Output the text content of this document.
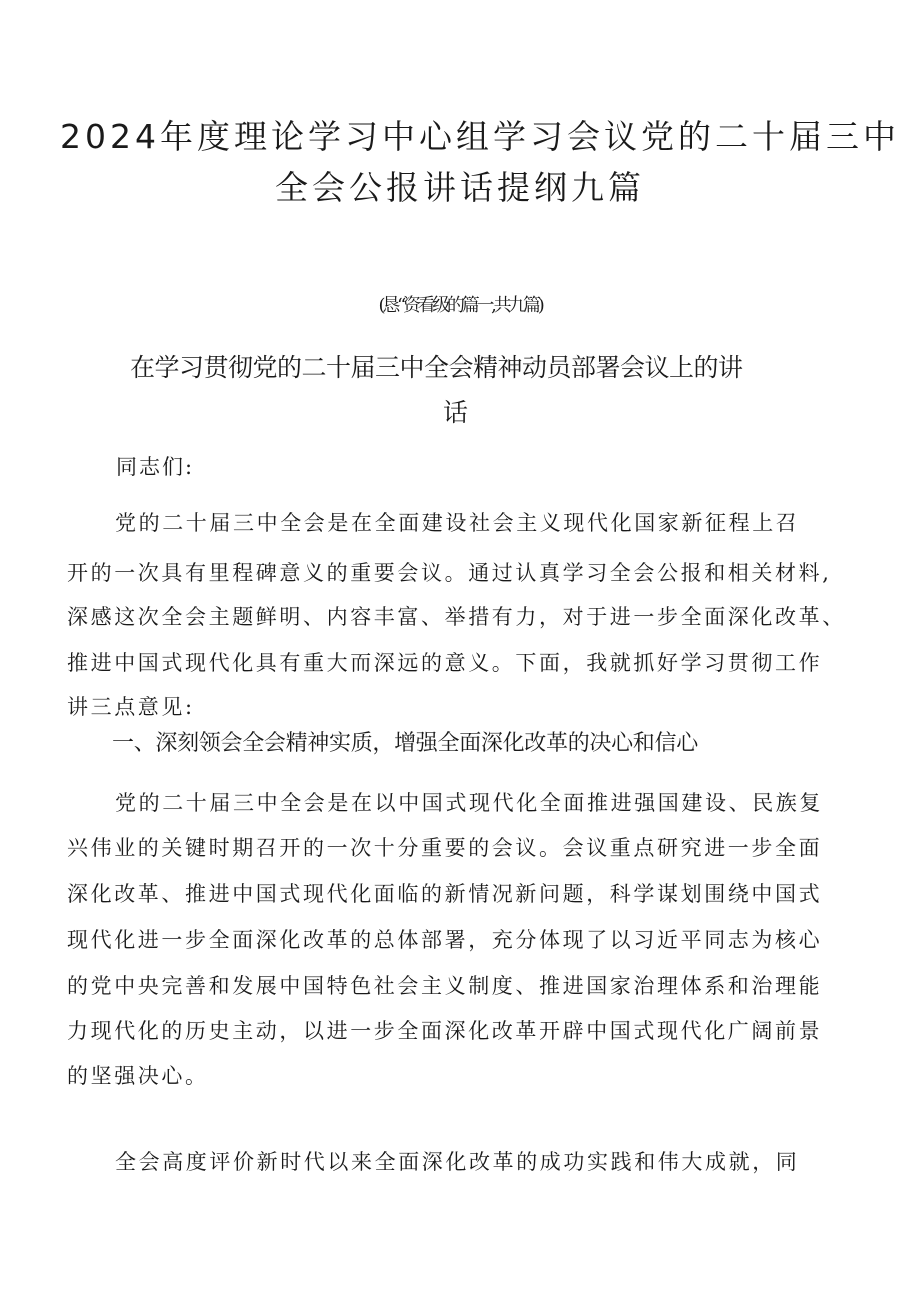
2024年度理论学习中心组学习会议党的二十届三中
全会公报讲话提纲九篇
(恳“资看级的篇一,共九篇)
在学习贯彻党的二十届三中全会精神动员部署会议上的讲
话
同志们:
党的二十届三中全会是在全面建设社会主义现代化国家新征程上召
开的一次具有里程碑意义的重要会议。通过认真学习全会公报和相关材料,
深感这次全会主题鲜明、内容丰富、举措有力，对于进一步全面深化改革、
推进中国式现代化具有重大而深远的意义。下面，我就抓好学习贯彻工作
讲三点意见:
一、深刻领会全会精神实质，增强全面深化改革的决心和信心
党的二十届三中全会是在以中国式现代化全面推进强国建设、民族复
兴伟业的关键时期召开的一次十分重要的会议。会议重点研究进一步全面
深化改革、推进中国式现代化面临的新情况新问题，科学谋划围绕中国式
现代化进一步全面深化改革的总体部署，充分体现了以习近平同志为核心
的党中央完善和发展中国特色社会主义制度、推进国家治理体系和治理能
力现代化的历史主动，以进一步全面深化改革开辟中国式现代化广阔前景
的坚强决心。
全会高度评价新时代以来全面深化改革的成功实践和伟大成就，同
